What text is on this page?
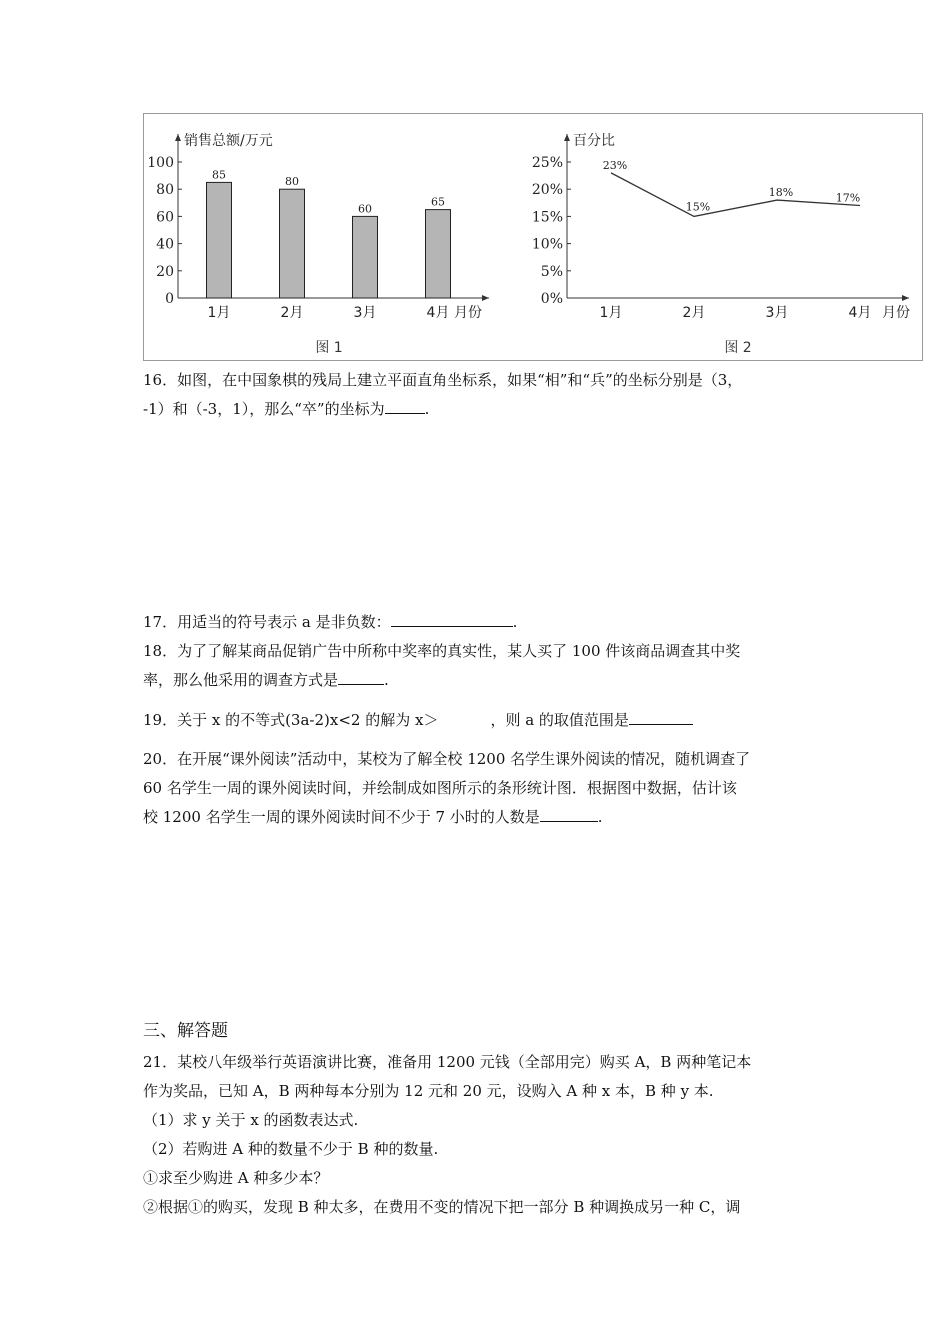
销售总额/万元
月份
0
20
40
60
80
100
1月	2月	3月	4月
85
80
60
65
图 1
百分比
月份
0%
5%
10%
15%
20%
25%
1月	2月	3月	4月
23%
15%
18%	17%
图 2

16．如图，在中国象棋的残局上建立平面直角坐标系，如果“相”和“兵”的坐标分别是（3，
-1）和（-3，1），那么“卒”的坐标为	.

17．用适当的符号表示 a 是非负数：	.

18．为了了解某商品促销广告中所称中奖率的真实性，某人买了 100 件该商品调查其中奖
率，那么他采用的调查方式是	.

19．关于 x 的不等式(3a-2)x<2 的解为 x＞	，则 a 的取值范围是

20．在开展“课外阅读”活动中，某校为了解全校 1200 名学生课外阅读的情况，随机调查了
60 名学生一周的课外阅读时间，并绘制成如图所示的条形统计图．根据图中数据，估计该
校 1200 名学生一周的课外阅读时间不少于 7 小时的人数是	.

三、解答题

21．某校八年级举行英语演讲比赛，准备用 1200 元钱（全部用完）购买 A，B 两种笔记本
作为奖品，已知 A，B 两种每本分别为 12 元和 20 元，设购入 A 种 x 本，B 种 y 本.
（1）求 y 关于 x 的函数表达式.
（2）若购进 A 种的数量不少于 B 种的数量.
①求至少购进 A 种多少本？
②根据①的购买，发现 B 种太多，在费用不变的情况下把一部分 B 种调换成另一种 C，调
